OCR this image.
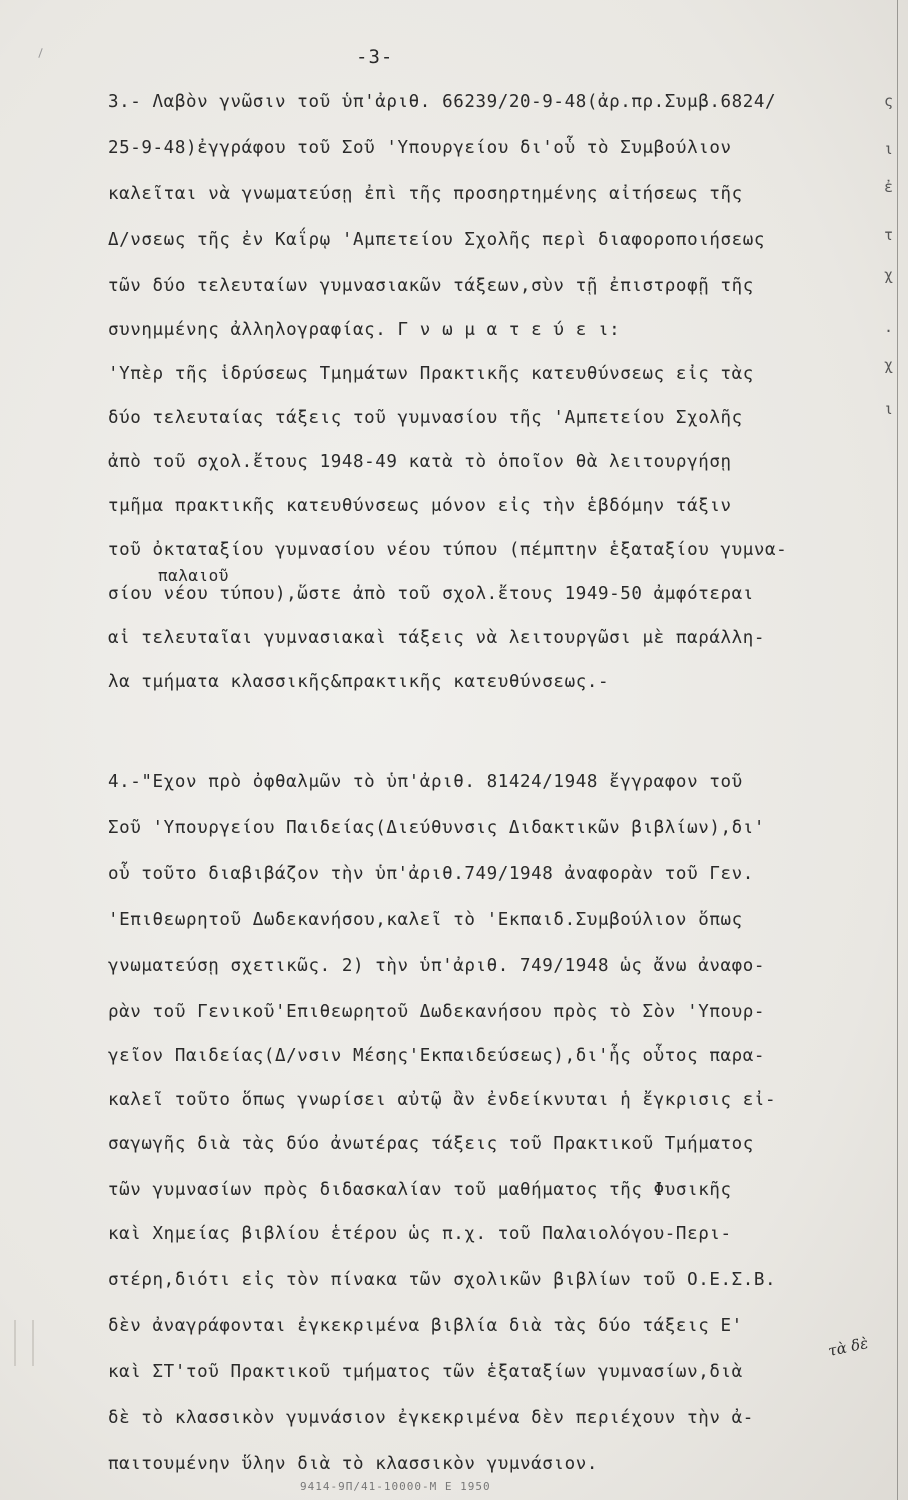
-3-
3.- Λαβὸν γνῶσιν τοῦ ὑπ'ἀριθ. 66239/20-9-48(ἀρ.πρ.Συμβ.6824/
25-9-48)ἐγγράφου τοῦ Σοῦ 'Υπουργείου δι'οὗ τὸ Συμβούλιον
καλεῖται νὰ γνωματεύσῃ ἐπὶ τῆς προσηρτημένης αἰτήσεως τῆς
Δ/νσεως τῆς ἐν Καΐρῳ 'Αμπετείου Σχολῆς περὶ διαφοροποιήσεως
τῶν δύο τελευταίων γυμνασιακῶν τάξεων,σὺν τῇ ἐπιστροφῇ τῆς
συνημμένης ἀλληλογραφίας. Γ ν ω μ α τ ε ύ ε ι:
'Υπὲρ τῆς ἱδρύσεως Τμημάτων Πρακτικῆς κατευθύνσεως εἰς τὰς
δύο τελευταίας τάξεις τοῦ γυμνασίου τῆς 'Αμπετείου Σχολῆς
ἀπὸ τοῦ σχολ.ἔτους 1948-49 κατὰ τὸ ὁποῖον θὰ λειτουργήσῃ
τμῆμα πρακτικῆς κατευθύνσεως μόνον εἰς τὴν ἑβδόμην τάξιν
τοῦ ὀκταταξίου γυμνασίου νέου τύπου (πέμπτην ἑξαταξίου γυμνα-
παλαιοῦ
σίου νέου τύπου),ὥστε ἀπὸ τοῦ σχολ.ἔτους 1949-50 ἀμφότεραι
αἱ τελευταῖαι γυμνασιακαὶ τάξεις νὰ λειτουργῶσι μὲ παράλλη-
λα τμήματα κλασσικῆς&πρακτικῆς κατευθύνσεως.-
4.-"Εχον πρὸ ὀφθαλμῶν τὸ ὑπ'ἀριθ. 81424/1948 ἔγγραφον τοῦ
Σοῦ 'Υπουργείου Παιδείας(Διεύθυνσις Διδακτικῶν βιβλίων),δι'
οὗ τοῦτο διαβιβάζον τὴν ὑπ'ἀριθ.749/1948 ἀναφορὰν τοῦ Γεν.
'Επιθεωρητοῦ Δωδεκανήσου,καλεῖ τὸ 'Εκπαιδ.Συμβούλιον ὅπως
γνωματεύσῃ σχετικῶς. 2) τὴν ὑπ'ἀριθ. 749/1948 ὡς ἄνω ἀναφο-
ρὰν τοῦ Γενικοῦ'Επιθεωρητοῦ Δωδεκανήσου πρὸς τὸ Σὸν 'Υπουρ-
γεῖον Παιδείας(Δ/νσιν Μέσης'Εκπαιδεύσεως),δι'ἧς οὗτος παρα-
καλεῖ τοῦτο ὅπως γνωρίσει αὐτῷ ἂν ἐνδείκνυται ἡ ἔγκρισις εἰ-
σαγωγῆς διὰ τὰς δύο ἀνωτέρας τάξεις τοῦ Πρακτικοῦ Τμήματος
τῶν γυμνασίων πρὸς διδασκαλίαν τοῦ μαθήματος τῆς Φυσικῆς
καὶ Χημείας βιβλίου ἑτέρου ὡς π.χ. τοῦ Παλαιολόγου-Περι-
στέρη,διότι εἰς τὸν πίνακα τῶν σχολικῶν βιβλίων τοῦ Ο.Ε.Σ.Β.
δὲν ἀναγράφονται ἐγκεκριμένα βιβλία διὰ τὰς δύο τάξεις Ε'
τὰ δὲ
καὶ ΣΤ'τοῦ Πρακτικοῦ τμήματος τῶν ἑξαταξίων γυμνασίων,διὰ
δὲ τὸ κλασσικὸν γυμνάσιον ἐγκεκριμένα δὲν περιέχουν τὴν ἀ-
παιτουμένην ὕλην διὰ τὸ κλασσικὸν γυμνάσιον.
ς
ι
ἐ
τ
χ
.
χ
ι
9414-9Π/41-10000-Μ Ε 1950
